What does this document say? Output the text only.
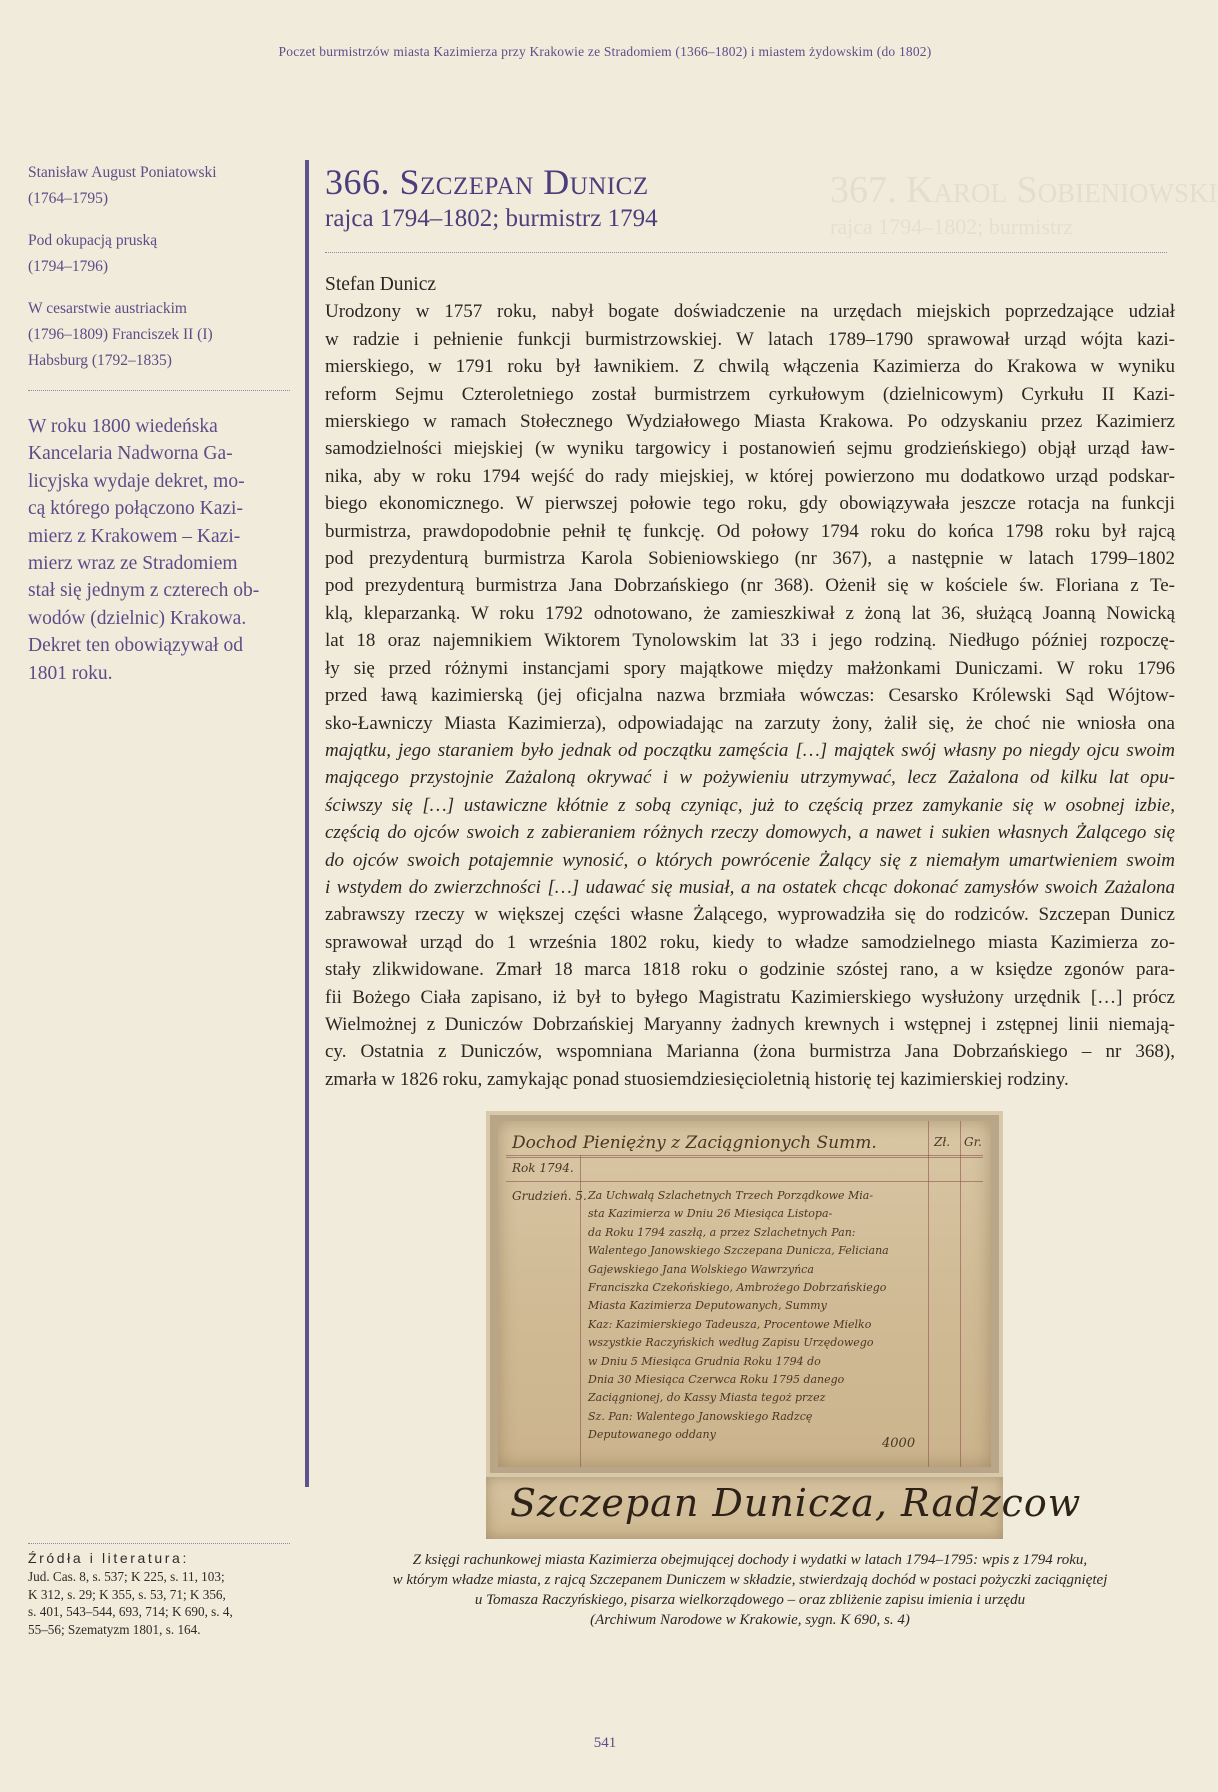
Poczet burmistrzów miasta Kazimierza przy Krakowie ze Stradomiem (1366–1802) i miastem żydowskim (do 1802)
367. Karol Sobieniowski
rajca 1794–1802; burmistrz
Stanisław August Poniatowski
(1764–1795)
Pod okupacją pruską
(1794–1796)
W cesarstwie austriackim
(1796–1809) Franciszek II (I)
Habsburg (1792–1835)
W roku 1800 wiedeńska
Kancelaria Nadworna Ga-
licyjska wydaje dekret, mo-
cą którego połączono Kazi-
mierz z Krakowem – Kazi-
mierz wraz ze Stradomiem
stał się jednym z czterech ob-
wodów (dzielnic) Krakowa.
Dekret ten obowiązywał od
1801 roku.
Źródła i literatura:
Jud. Cas. 8, s. 537; K 225, s. 11, 103;
K 312, s. 29; K 355, s. 53, 71; K 356,
s. 401, 543–544, 693, 714; K 690, s. 4,
55–56; Szematyzm 1801, s. 164.
366. Szczepan Dunicz
rajca 1794–1802; burmistrz 1794
Stefan Dunicz
Urodzony w 1757 roku, nabył bogate doświadczenie na urzędach miejskich poprzedzające udział
w radzie i pełnienie funkcji burmistrzowskiej. W latach 1789–1790 sprawował urząd wójta kazi-
mierskiego, w 1791 roku był ławnikiem. Z chwilą włączenia Kazimierza do Krakowa w wyniku
reform Sejmu Czteroletniego został burmistrzem cyrkułowym (dzielnicowym) Cyrkułu II Kazi-
mierskiego w ramach Stołecznego Wydziałowego Miasta Krakowa. Po odzyskaniu przez Kazimierz
samodzielności miejskiej (w wyniku targowicy i postanowień sejmu grodzieńskiego) objął urząd ław-
nika, aby w roku 1794 wejść do rady miejskiej, w której powierzono mu dodatkowo urząd podskar-
biego ekonomicznego. W pierwszej połowie tego roku, gdy obowiązywała jeszcze rotacja na funkcji
burmistrza, prawdopodobnie pełnił tę funkcję. Od połowy 1794 roku do końca 1798 roku był rajcą
pod prezydenturą burmistrza Karola Sobieniowskiego (nr 367), a następnie w latach 1799–1802
pod prezydenturą burmistrza Jana Dobrzańskiego (nr 368). Ożenił się w kościele św. Floriana z Te-
klą, kleparzanką. W roku 1792 odnotowano, że zamieszkiwał z żoną lat 36, służącą Joanną Nowicką
lat 18 oraz najemnikiem Wiktorem Tynolowskim lat 33 i jego rodziną. Niedługo później rozpoczę-
ły się przed różnymi instancjami spory majątkowe między małżonkami Duniczami. W roku 1796
przed ławą kazimierską (jej oficjalna nazwa brzmiała wówczas: Cesarsko Królewski Sąd Wójtow-
sko-Ławniczy Miasta Kazimierza), odpowiadając na zarzuty żony, żalił się, że choć nie wniosła ona
majątku, jego staraniem było jednak od początku zamęścia […] majątek swój własny po niegdy ojcu swoim
mającego przystojnie Zażaloną okrywać i w pożywieniu utrzymywać, lecz Zażalona od kilku lat opu-
ściwszy się […] ustawiczne kłótnie z sobą czyniąc, już to częścią przez zamykanie się w osobnej izbie,
częścią do ojców swoich z zabieraniem różnych rzeczy domowych, a nawet i sukien własnych Żalącego się
do ojców swoich potajemnie wynosić, o których powrócenie Żalący się z niemałym umartwieniem swoim
i wstydem do zwierzchności […] udawać się musiał, a na ostatek chcąc dokonać zamysłów swoich Zażalona
zabrawszy rzeczy w większej części własne Żalącego, wyprowadziła się do rodziców. Szczepan Dunicz
sprawował urząd do 1 września 1802 roku, kiedy to władze samodzielnego miasta Kazimierza zo-
stały zlikwidowane. Zmarł 18 marca 1818 roku o godzinie szóstej rano, a w księdze zgonów para-
fii Bożego Ciała zapisano, iż był to byłego Magistratu Kazimierskiego wysłużony urzędnik […] prócz
Wielmożnej z Duniczów Dobrzańskiej Maryanny żadnych krewnych i wstępnej i zstępnej linii niemają-
cy. Ostatnia z Duniczów, wspomniana Marianna (żona burmistrza Jana Dobrzańskiego – nr 368),
zmarła w 1826 roku, zamykając ponad stuosiemdziesięcioletnią historię tej kazimierskiej rodziny.
Dochod Pieniężny z Zaciągnionych Summ.	Zł. Gr.
Rok 1794.
Grudzień. 5. Za Uchwałą Szlachetnych Trzech Porządkowe Mia-
sta Kazimierza w Dniu 26 Miesiąca Listopa-
da Roku 1794 zaszłą, a przez Szlachetnych Pan:
Walentego Janowskiego Szczepana Dunicza, Feliciana
Gajewskiego Jana Wolskiego Wawrzyńca
Franciszka Czekońskiego, Ambrożego Dobrzańskiego
Miasta Kazimierza Deputowanych, Summy
Kaz: Kazimierskiego Tadeusza, Procentowe Mielko
wszystkie Raczyńskich według Zapisu Urzędowego
w Dniu 5 Miesiąca Grudnia Roku 1794 do
Dnia 30 Miesiąca Czerwca Roku 1795 danego
Zaciągnionej, do Kassy Miasta tegoż przez
Sz. Pan: Walentego Janowskiego Radzcę
Deputowanego oddany
4000
Szczepan Dunicza, Radzcow
Z księgi rachunkowej miasta Kazimierza obejmującej dochody i wydatki w latach 1794–1795: wpis z 1794 roku,
w którym władze miasta, z rajcą Szczepanem Duniczem w składzie, stwierdzają dochód w postaci pożyczki zaciągniętej
u Tomasza Raczyńskiego, pisarza wielkorządowego – oraz zbliżenie zapisu imienia i urzędu
(Archiwum Narodowe w Krakowie, sygn. K 690, s. 4)
541
